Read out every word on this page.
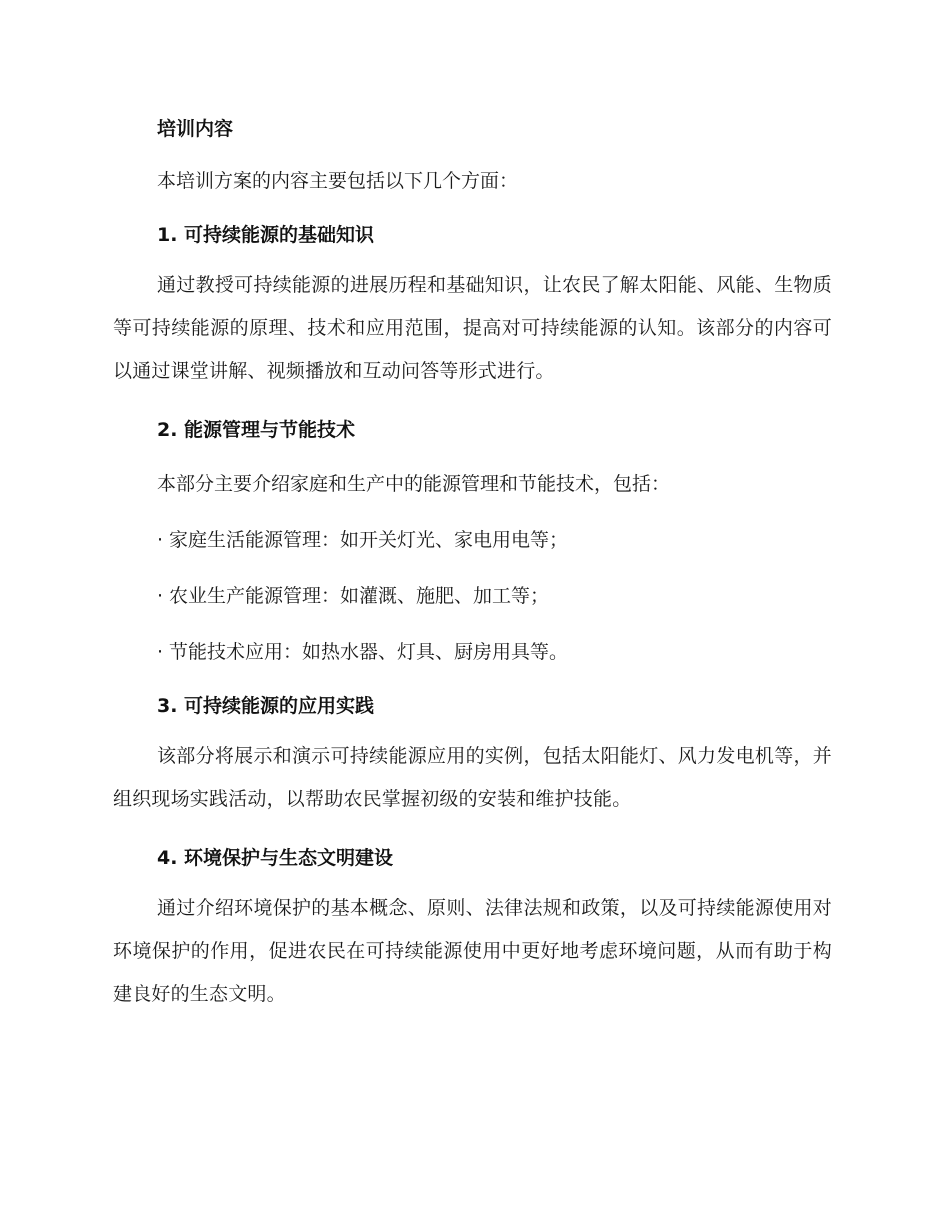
培训内容
本培训方案的内容主要包括以下几个方面：
1. 可持续能源的基础知识

通过教授可持续能源的进展历程和基础知识，让农民了解太阳能、风能、生物质等可持续能源的原理、技术和应用范围，提高对可持续能源的认知。该部分的内容可以通过课堂讲解、视频播放和互动问答等形式进行。

2. 能源管理与节能技术
本部分主要介绍家庭和生产中的能源管理和节能技术，包括：
· 家庭生活能源管理：如开关灯光、家电用电等；
· 农业生产能源管理：如灌溉、施肥、加工等；
· 节能技术应用：如热水器、灯具、厨房用具等。
3. 可持续能源的应用实践

该部分将展示和演示可持续能源应用的实例，包括太阳能灯、风力发电机等，并组织现场实践活动，以帮助农民掌握初级的安装和维护技能。

4. 环境保护与生态文明建设

通过介绍环境保护的基本概念、原则、法律法规和政策，以及可持续能源使用对环境保护的作用，促进农民在可持续能源使用中更好地考虑环境问题，从而有助于构建良好的生态文明。
